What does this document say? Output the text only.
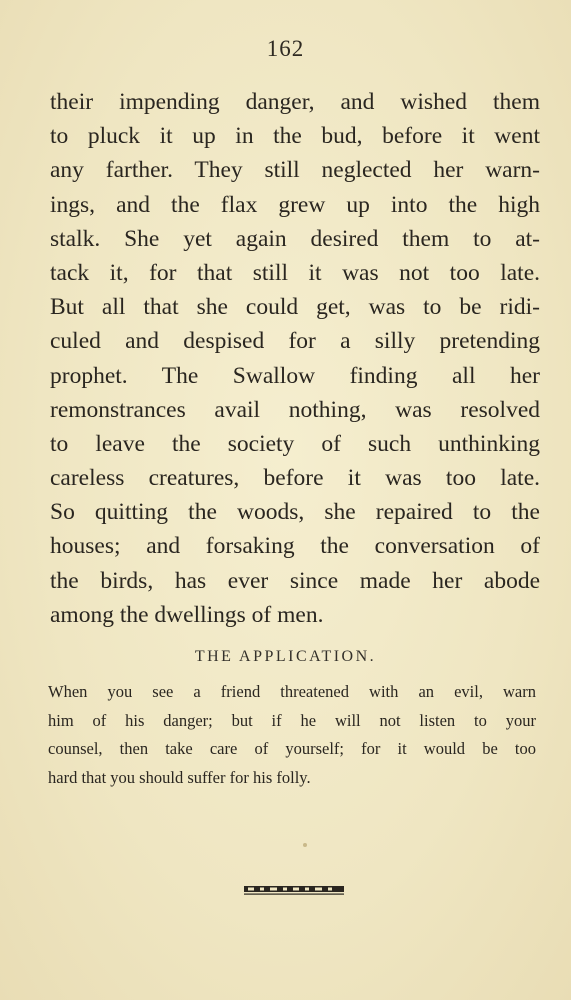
162
their impending danger, and wished them
to pluck it up in the bud, before it went
any farther. They still neglected her warn-
ings, and the flax grew up into the high
stalk. She yet again desired them to at-
tack it, for that still it was not too late.
But all that she could get, was to be ridi-
culed and despised for a silly pretending
prophet. The Swallow finding all her
remonstrances avail nothing, was resolved
to leave the society of such unthinking
careless creatures, before it was too late.
So quitting the woods, she repaired to the
houses; and forsaking the conversation of
the birds, has ever since made her abode
among the dwellings of men.
THE APPLICATION.
When you see a friend threatened with an evil, warn
him of his danger; but if he will not listen to your
counsel, then take care of yourself; for it would be too
hard that you should suffer for his folly.
